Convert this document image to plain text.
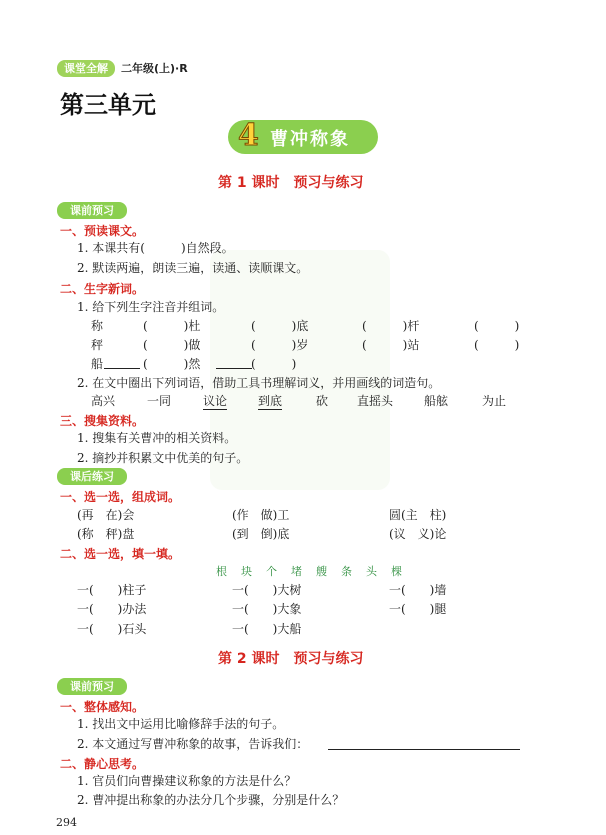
课堂全解	二年级(上)·R
第三单元
4 曹冲称象
第 1 课时　预习与练习
课前预习
一、预读课文。
1. 本课共有(　　　)自然段。
2. 默读两遍，朗读三遍，读通、读顺课文。
二、生字新词。
1. 给下列生字注音并组词。
称	(　　　)杜	(　　　)底	(　　　)杆	(　　　)
秤	(　　　)做	(　　　)岁	(　　　)站	(　　　)
船	(　　　)然	(　　　)
2. 在文中圈出下列词语，借助工具书理解词义，并用画线的词造句。
高兴	一同	议论	到底	砍 直摇头	船舷	为止
三、搜集资料。
1. 搜集有关曹冲的相关资料。
2. 摘抄并积累文中优美的句子。
课后练习
一、选一选，组成词。
(再　在)会	(作　做)工	圆(主　柱)
(称　秤)盘	(到　倒)底	(议　义)论
二、选一选，填一填。
根块个堵艘条头棵
一(　　)柱子	一(　　)大树	一(　　)墙
一(　　)办法	一(　　)大象	一(　　)腿
一(　　)石头	一(　　)大船
第 2 课时　预习与练习
课前预习
一、整体感知。
1. 找出文中运用比喻修辞手法的句子。
2. 本文通过写曹冲称象的故事，告诉我们：
二、静心思考。
1. 官员们向曹操建议称象的方法是什么？
2. 曹冲提出称象的办法分几个步骤，分别是什么？
294
